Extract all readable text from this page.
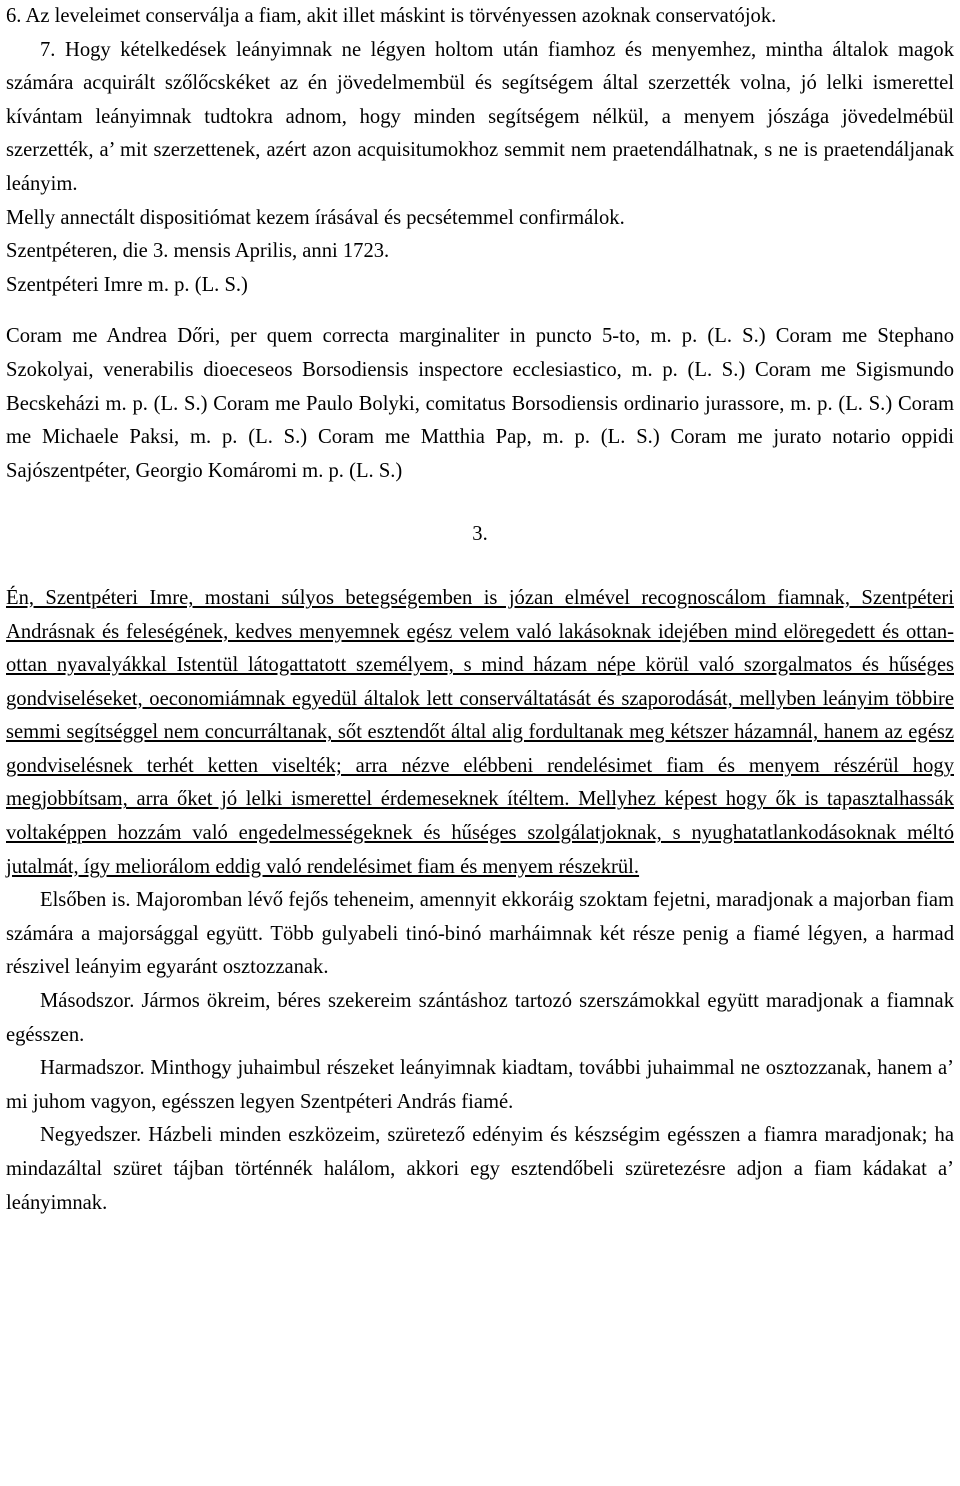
6. Az leveleimet conserválja a fiam, akit illet máskint is törvényessen azoknak conservatójok.

7. Hogy kételkedések leányimnak ne légyen holtom után fiamhoz és menyemhez, mintha általok magok számára acquirált szőlőcskéket az én jövedelmembül és segítségem által szerzették volna, jó lelki ismerettel kívántam leányimnak tudtokra adnom, hogy minden segítségem nélkül, a menyem jószága jövedelmébül szerzették, a’ mit szerzettenek, azért azon acquisitumokhoz semmit nem praetendálhatnak, s ne is praetendáljanak leányim.

Melly annectált dispositiómat kezem írásával és pecsétemmel confirmálok.

Szentpéteren, die 3. mensis Aprilis, anni 1723.

Szentpéteri Imre m. p. (L. S.)

Coram me Andrea Dőri, per quem correcta marginaliter in puncto 5-to, m. p. (L. S.) Coram me Stephano Szokolyai, venerabilis dioeceseos Borsodiensis inspectore ecclesiastico, m. p. (L. S.) Coram me Sigismundo Becskeházi m. p. (L. S.) Coram me Paulo Bolyki, comitatus Borsodiensis ordinario jurassore, m. p. (L. S.) Coram me Michaele Paksi, m. p. (L. S.) Coram me Matthia Pap, m. p. (L. S.) Coram me jurato notario oppidi Sajószentpéter, Georgio Komáromi m. p. (L. S.)

3.

Én, Szentpéteri Imre, mostani súlyos betegségemben is józan elmével recognoscálom fiamnak, Szentpéteri Andrásnak és feleségének, kedves menyemnek egész velem való lakásoknak idejében mind elöregedett és ottan-ottan nyavalyákkal Istentül látogattatott személyem, s mind házam népe körül való szorgalmatos és hűséges gondviseléseket, oeconomiámnak egyedül általok lett conserváltatását és szaporodását, mellyben leányim többire semmi segítséggel nem concurráltanak, sőt esztendőt által alig fordultanak meg kétszer házamnál, hanem az egész gondviselésnek terhét ketten viselték; arra nézve elébbeni rendelésimet fiam és menyem részérül hogy megjobbítsam, arra őket jó lelki ismerettel érdemeseknek ítéltem. Mellyhez képest hogy ők is tapasztalhassák voltaképpen hozzám való engedelmességeknek és hűséges szolgálatjoknak, s nyughatatlankodásoknak méltó jutalmát, így meliorálom eddig való rendelésimet fiam és menyem részekrül.

Elsőben is. Majoromban lévő fejős teheneim, amennyit ekkoráig szoktam fejetni, maradjonak a majorban fiam számára a majorsággal együtt. Több gulyabeli tinó-binó marháimnak két része penig a fiamé légyen, a harmad részivel leányim egyaránt osztozzanak.

Másodszor. Jármos ökreim, béres szekereim szántáshoz tartozó szerszámokkal együtt maradjonak a fiamnak egésszen.

Harmadszor. Minthogy juhaimbul részeket leányimnak kiadtam, további juhaimmal ne osztozzanak, hanem a’ mi juhom vagyon, egésszen legyen Szentpéteri András fiamé.

Negyedszer. Házbeli minden eszközeim, szüretező edényim és készségim egésszen a fiamra maradjonak; ha mindazáltal szüret tájban történnék halálom, akkori egy esztendőbeli szüretezésre adjon a fiam kádakat a’ leányimnak.
